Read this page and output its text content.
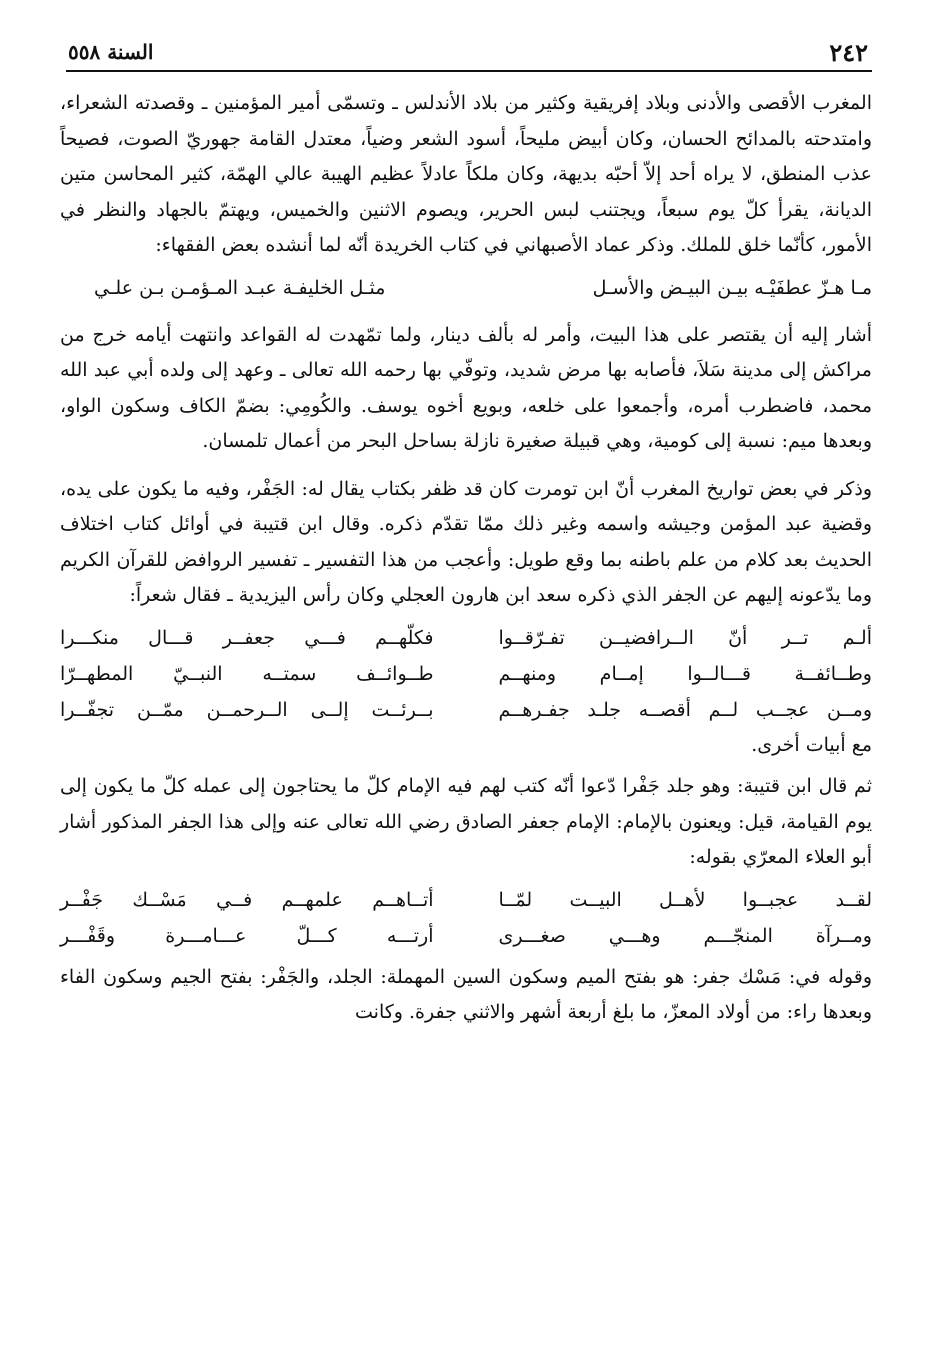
٢٤٢
السنة ٥٥٨

المغرب الأقصى والأدنى وبلاد إفريقية وكثير من بلاد الأندلس ـ وتسمّى أمير المؤمنين ـ وقصدته الشعراء، وامتدحته بالمدائح الحسان، وكان أبيض مليحاً، أسود الشعر وضياً، معتدل القامة جهوريّ الصوت، فصيحاً عذب المنطق، لا يراه أحد إلاّ أحبّه بديهة، وكان ملكاً عادلاً عظيم الهيبة عالي الهمّة، كثير المحاسن متين الديانة، يقرأ كلّ يوم سبعاً، ويجتنب لبس الحرير، ويصوم الاثنين والخميس، ويهتمّ بالجهاد والنظر في الأمور، كأنّما خلق للملك. وذكر عماد الأصبهاني في كتاب الخريدة أنّه لما أنشده بعض الفقهاء:

مـا هـزّ عطفَيْـه بيـن البيـض والأسـل
مثـل الخليفـة عبـد المـؤمـن بـن علـي

أشار إليه أن يقتصر على هذا البيت، وأمر له بألف دينار، ولما تمّهدت له القواعد وانتهت أيامه خرج من مراكش إلى مدينة سَلاَ، فأصابه بها مرض شديد، وتوفّي بها رحمه الله تعالى ـ وعهد إلى ولده أبي عبد الله محمد، فاضطرب أمره، وأجمعوا على خلعه، وبويع أخوه يوسف. والكُومِي: بضمّ الكاف وسكون الواو، وبعدها ميم: نسبة إلى كومية، وهي قبيلة صغيرة نازلة بساحل البحر من أعمال تلمسان.

وذكر في بعض تواريخ المغرب أنّ ابن تومرت كان قد ظفر بكتاب يقال له: الجَفْر، وفيه ما يكون على يده، وقضية عبد المؤمن وجيشه واسمه وغير ذلك ممّا تقدّم ذكره. وقال ابن قتيبة في أوائل كتاب اختلاف الحديث بعد كلام من علم باطنه بما وقع طويل: وأعجب من هذا التفسير ـ تفسير الروافض للقرآن الكريم وما يدّعونه إليهم عن الجفر الذي ذكره سعد ابن هارون العجلي وكان رأس اليزيدية ـ فقال شعراً:

ألـم تــر أنّ الــرافضيــن تفـرّقــوا
فكلّهــم فـــي جعفــر قـــال منكـــرا
وطــائفــة قـــالــوا إمــام ومنهــم
طــوائــف سمتــه النبــيّ المطهــرّا
ومــن عجــب لــم أقصــه جلـد جفـرهــم
بــرئــت إلــى الــرحمــن ممّــن تجفّــرا

مع أبيات أخرى.

ثم قال ابن قتيبة: وهو جلد جَفْرا دّعوا أنّه كتب لهم فيه الإمام كلّ ما يحتاجون إلى عمله كلّ ما يكون إلى يوم القيامة، قيل: ويعنون بالإمام: الإمام جعفر الصادق رضي الله تعالى عنه وإلى هذا الجفر المذكور أشار أبو العلاء المعرّي بقوله:

لقــد عجبــوا لأهــل البيــت لمّــا
أتــاهــم علمهــم فــي مَسْــك جَفْــر
ومــرآة المنجّـــم وهـــي صغـــرى
أرتـــه كـــلّ عـــامـــرة وقَفْـــر

وقوله في: مَسْك جفر: هو بفتح الميم وسكون السين المهملة: الجلد، والجَفْر: بفتح الجيم وسكون الفاء وبعدها راء: من أولاد المعزّ، ما بلغ أربعة أشهر والاثني جفرة. وكانت
